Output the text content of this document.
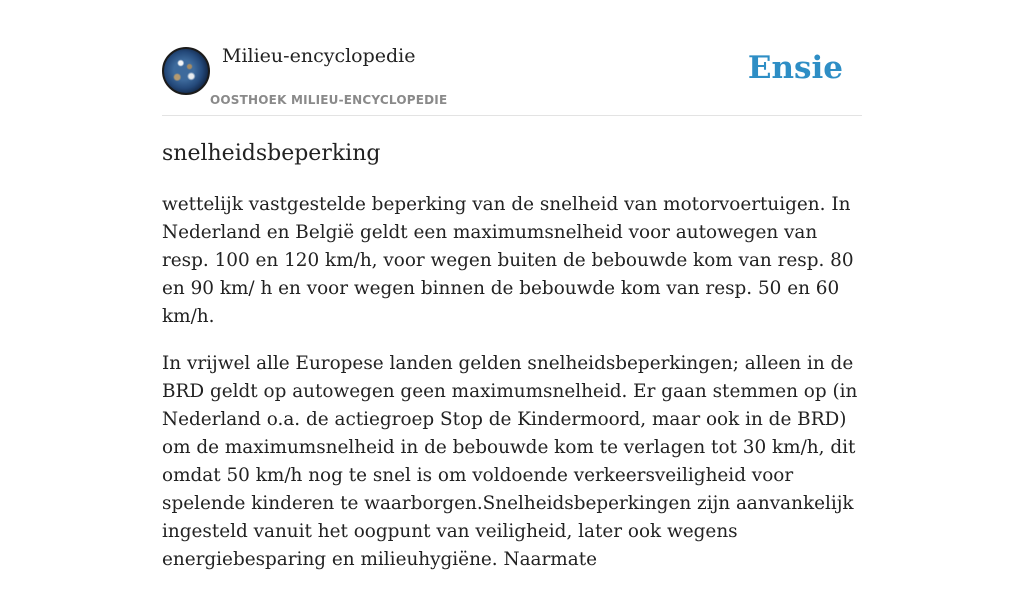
Milieu-encyclopedie
OOSTHOEK MILIEU-ENCYCLOPEDIE
Ensie
snelheidsbeperking

wettelijk vastgestelde beperking van de snelheid van motorvoertuigen. In Nederland en België geldt een maximumsnelheid voor autowegen van resp. 100 en 120 km/h, voor wegen buiten de bebouwde kom van resp. 80 en 90 km/ h en voor wegen binnen de bebouwde kom van resp. 50 en 60 km/h.

In vrijwel alle Europese landen gelden snelheidsbeperkingen; alleen in de BRD geldt op autowegen geen maximumsnelheid. Er gaan stemmen op (in Nederland o.a. de actiegroep Stop de Kindermoord, maar ook in de BRD) om de maximumsnelheid in de bebouwde kom te verlagen tot 30 km/h, dit omdat 50 km/h nog te snel is om voldoende verkeersveiligheid voor spelende kinderen te waarborgen.Snelheidsbeperkingen zijn aanvankelijk ingesteld vanuit het oogpunt van veiligheid, later ook wegens energiebesparing en milieuhygiëne. Naarmate
